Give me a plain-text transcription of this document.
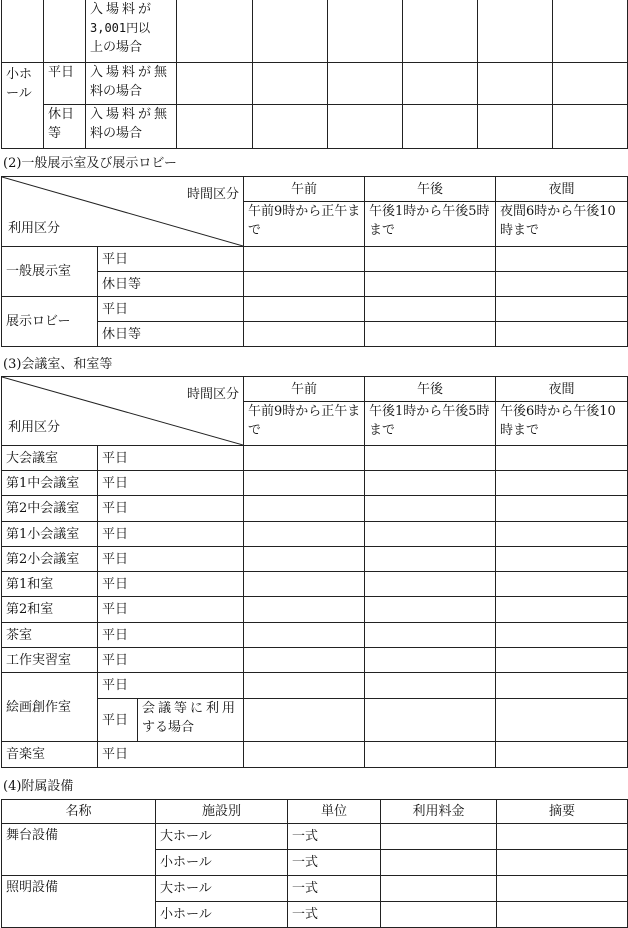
		入場料が
3,001円以
上の場合						

小ホール	平日	入場料が無
料の場合						

	休日等	入場料が無
料の場合						

(2)一般展示室及び展示ロビー
時間区分
利用区分		午前	午後	夜間
		午前9時から正午まで	午後1時から午後5時まで	夜間6時から午後10時まで
一般展示室	平日			
	休日等			
展示ロビー	平日			
	休日等			
(3)会議室、和室等
時間区分
利用区分			午前	午後	夜間
			午前9時から正午まで	午後1時から午後5時まで	午後6時から午後10時まで
大会議室	平日				
第1中会議室	平日				
第2中会議室	平日				
第1小会議室	平日				
第2小会議室	平日				
第1和室	平日				
第2和室	平日				
茶室	平日				
工作実習室	平日				
絵画創作室	平日				
	平日	会議等に利用
する場合			

音楽室	平日				
(4)附属設備
名称	施設別	単位	利用料金	摘要
舞台設備	大ホール	一式		
	小ホール	一式		
照明設備	大ホール	一式		
	小ホール	一式		
